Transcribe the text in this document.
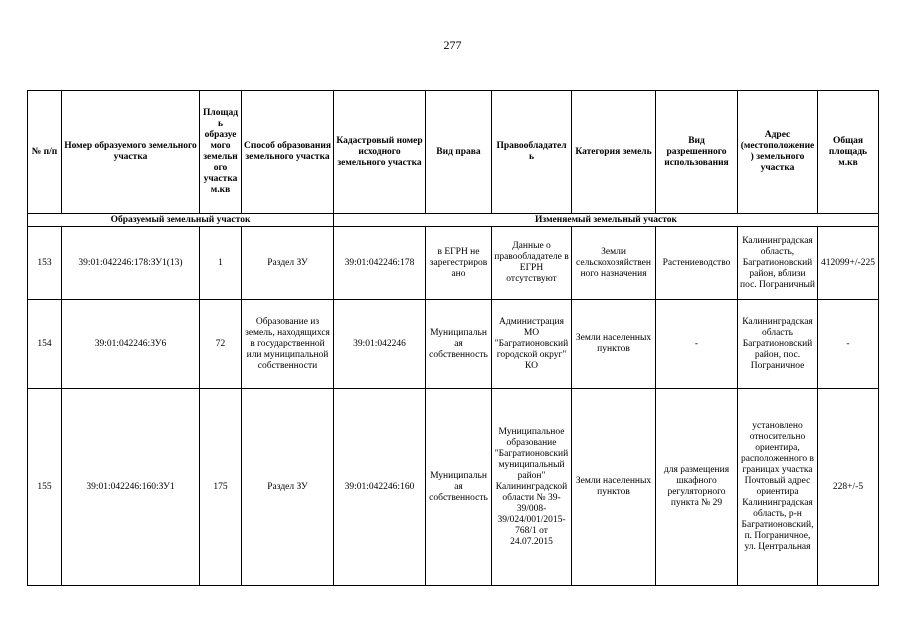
277
№ п/п	Номер образуемого земельного участка	Площадь образуемого земельного участка м.кв	Способ образования земельного участка	Кадастровый номер исходного земельного участка	Вид права	Правообладатель	Категория земель	Вид разрешенного использования	Адрес (местоположение) земельного участка	Общая площадь м.кв
Образуемый земельный участок				Изменяемый земельный участок						
153	39:01:042246:178:ЗУ1(13)	1	Раздел ЗУ	39:01:042246:178	в ЕГРН не зарегестрировано	Данные о правообладателе в ЕГРН отсутствуют	Земли сельскохозяйственного назначения	Растениеводство	Калининградская область, Багратионовский район, вблизи пос. Пограничный	412099+/-225
154	39:01:042246:ЗУ6	72	Образование из земель, находящихся в государственной или муниципальной собственности	39:01:042246	Муниципальная собственность	Администрация МО "Багратионовский городской округ" КО	Земли населенных пунктов	-	Калининградская область Багратионовский район, пос. Пограничное	-
155	39:01:042246:160:ЗУ1	175	Раздел ЗУ	39:01:042246:160	Муниципальная собственность	Муниципальное образование "Багратионовский муниципальный район" Калининградской области № 39-39/008-39/024/001/2015-768/1 от 24.07.2015	Земли населенных пунктов	для размещения шкафного регуляторного пункта № 29	установлено относительно ориентира, расположенного в границах участка Почтовый адрес ориентира Калининградская область, р-н Багратионовский, п. Пограничное, ул. Центральная	228+/-5
